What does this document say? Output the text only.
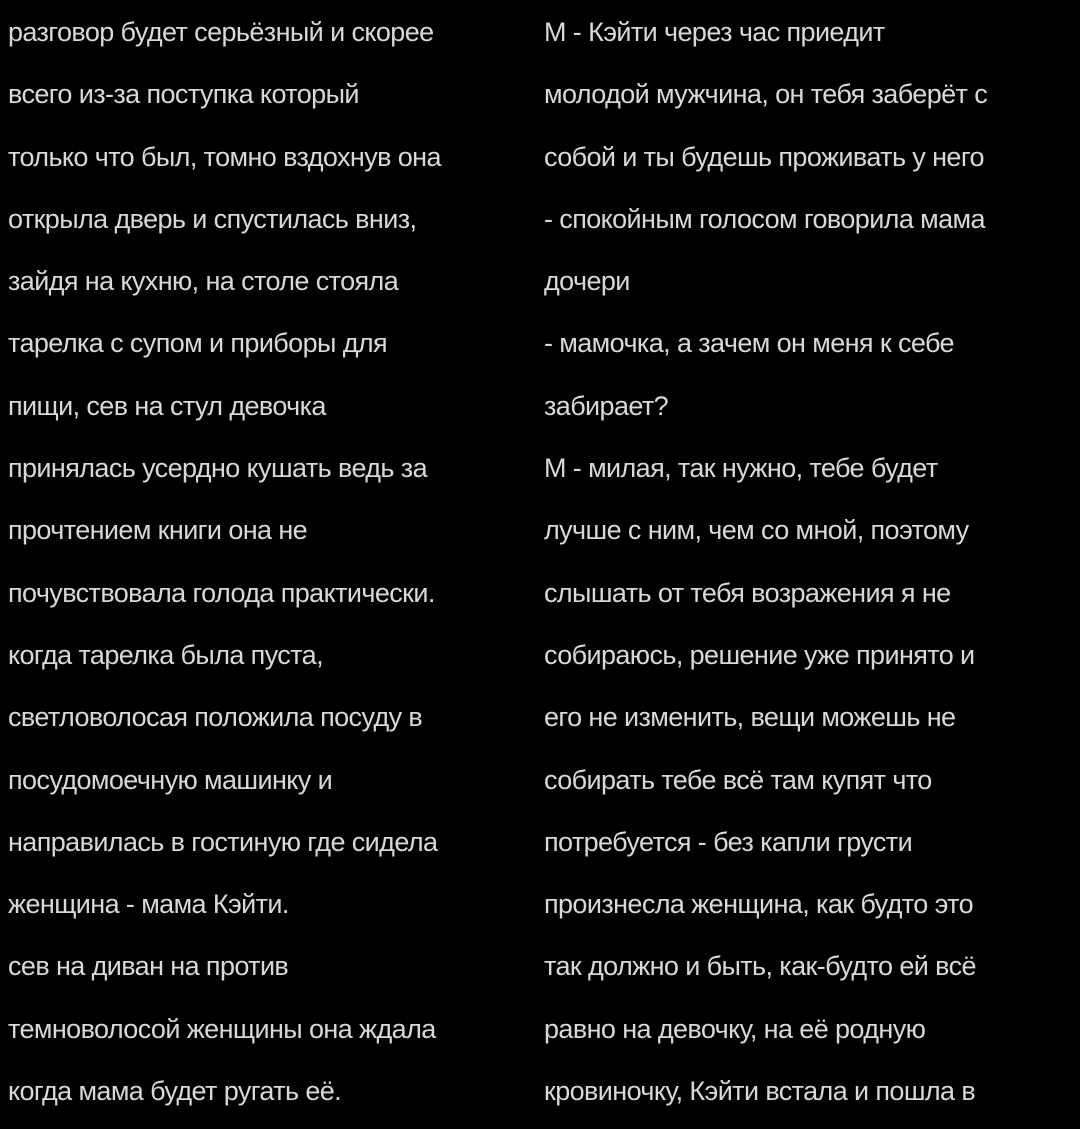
разговор будет серьёзный и скорее
всего из-за поступка который
только что был, томно вздохнув она
открыла дверь и спустилась вниз,
зайдя на кухню, на столе стояла
тарелка с супом и приборы для
пищи, сев на стул девочка
принялась усердно кушать ведь за
прочтением книги она не
почувствовала голода практически.
когда тарелка была пуста,
светловолосая положила посуду в
посудомоечную машинку и
направилась в гостиную где сидела
женщина - мама Кэйти.
сев на диван на против
темноволосой женщины она ждала
когда мама будет ругать её.
М - Кэйти через час приедит
молодой мужчина, он тебя заберёт с
собой и ты будешь проживать у него
- спокойным голосом говорила мама
дочери
- мамочка, а зачем он меня к себе
забирает?
М - милая, так нужно, тебе будет
лучше с ним, чем со мной, поэтому
слышать от тебя возражения я не
собираюсь, решение уже принято и
его не изменить, вещи можешь не
собирать тебе всё там купят что
потребуется - без капли грусти
произнесла женщина, как будто это
так должно и быть, как-будто ей всё
равно на девочку, на её родную
кровиночку, Кэйти встала и пошла в
